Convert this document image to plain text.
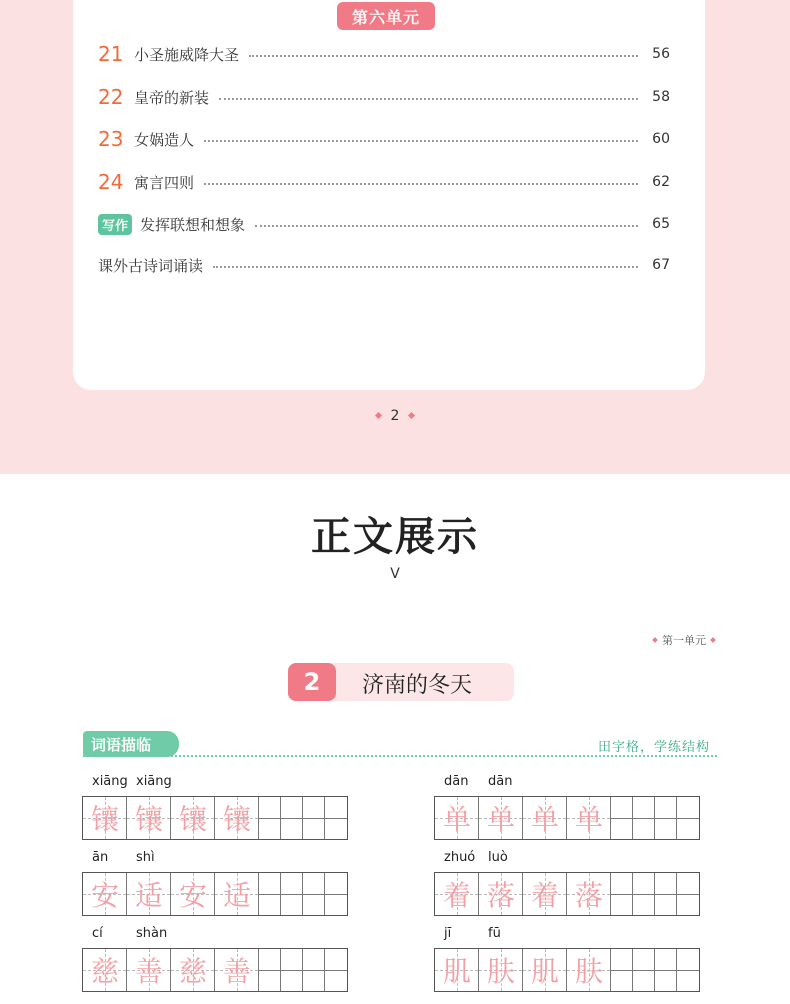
第六单元
21 小圣施威降大圣	56
22 皇帝的新装	58
23 女娲造人	60
24 寓言四则	62
写作 发挥联想和想象	65
课外古诗词诵读	67
2
正文展示
V
第一单元
2	济南的冬天
词语描临	田字格，学练结构
xiāng xiāng
镶 镶 镶 镶
dān dān
单 单 单 单
ān shì
安 适 安 适
zhuó luò
着 落 着 落
cí	shàn
慈 善 慈 善
jī	fū
肌 肤 肌 肤
